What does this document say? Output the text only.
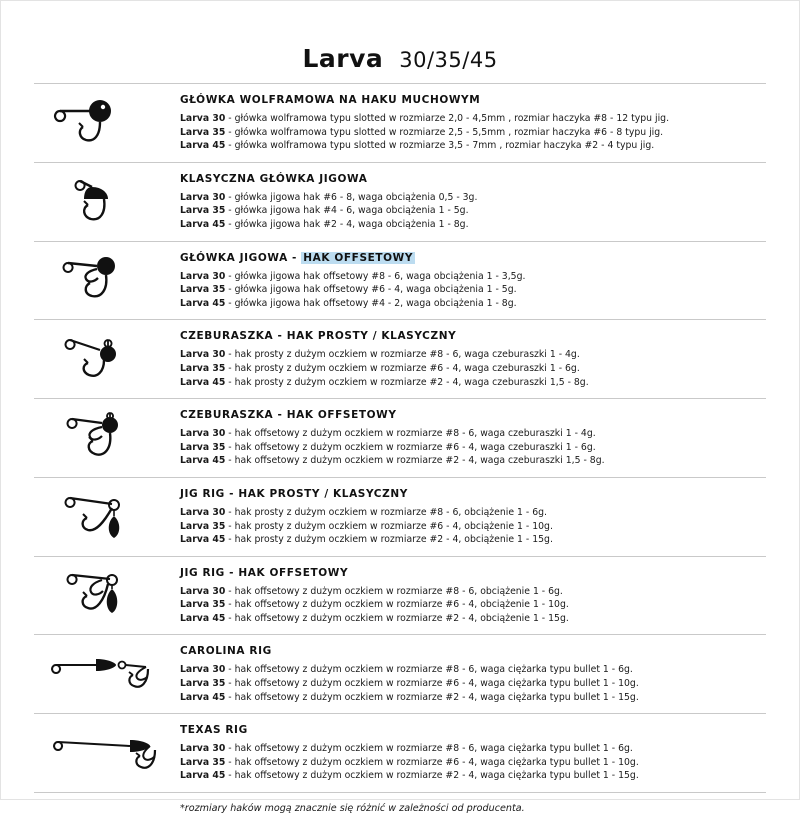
Larva 30/35/45
GŁÓWKA WOLFRAMOWA NA HAKU MUCHOWYM
Larva 30 - główka wolframowa typu slotted w rozmiarze 2,0 - 4,5mm , rozmiar haczyka #8 - 12 typu jig.
Larva 35 - główka wolframowa typu slotted w rozmiarze 2,5 - 5,5mm , rozmiar haczyka #6 - 8 typu jig.
Larva 45 - główka wolframowa typu slotted w rozmiarze 3,5 - 7mm , rozmiar haczyka #2 - 4 typu jig.
KLASYCZNA GŁÓWKA JIGOWA
Larva 30 - główka jigowa hak #6 - 8, waga obciążenia 0,5 - 3g.
Larva 35 - główka jigowa hak #4 - 6, waga obciążenia 1 - 5g.
Larva 45 - główka jigowa hak #2 - 4, waga obciążenia 1 - 8g.
GŁÓWKA JIGOWA - HAK OFFSETOWY
Larva 30 - główka jigowa hak offsetowy #8 - 6, waga obciążenia 1 - 3,5g.
Larva 35 - główka jigowa hak offsetowy #6 - 4, waga obciążenia 1 - 5g.
Larva 45 - główka jigowa hak offsetowy #4 - 2, waga obciążenia 1 - 8g.
CZEBURASZKA - HAK PROSTY / KLASYCZNY
Larva 30 - hak prosty z dużym oczkiem w rozmiarze #8 - 6, waga czeburaszki 1 - 4g.
Larva 35 - hak prosty z dużym oczkiem w rozmiarze #6 - 4, waga czeburaszki 1 - 6g.
Larva 45 - hak prosty z dużym oczkiem w rozmiarze #2 - 4, waga czeburaszki 1,5 - 8g.
CZEBURASZKA - HAK OFFSETOWY
Larva 30 - hak offsetowy z dużym oczkiem w rozmiarze #8 - 6, waga czeburaszki 1 - 4g.
Larva 35 - hak offsetowy z dużym oczkiem w rozmiarze #6 - 4, waga czeburaszki 1 - 6g.
Larva 45 - hak offsetowy z dużym oczkiem w rozmiarze #2 - 4, waga czeburaszki 1,5 - 8g.
JIG RIG - HAK PROSTY / KLASYCZNY
Larva 30 - hak prosty z dużym oczkiem w rozmiarze #8 - 6, obciążenie 1 - 6g.
Larva 35 - hak prosty z dużym oczkiem w rozmiarze #6 - 4, obciążenie 1 - 10g.
Larva 45 - hak prosty z dużym oczkiem w rozmiarze #2 - 4, obciążenie 1 - 15g.
JIG RIG - HAK OFFSETOWY
Larva 30 - hak offsetowy z dużym oczkiem w rozmiarze #8 - 6, obciążenie 1 - 6g.
Larva 35 - hak offsetowy z dużym oczkiem w rozmiarze #6 - 4, obciążenie 1 - 10g.
Larva 45 - hak offsetowy z dużym oczkiem w rozmiarze #2 - 4, obciążenie 1 - 15g.
CAROLINA RIG
Larva 30 - hak offsetowy z dużym oczkiem w rozmiarze #8 - 6, waga ciężarka typu bullet 1 - 6g.
Larva 35 - hak offsetowy z dużym oczkiem w rozmiarze #6 - 4, waga ciężarka typu bullet 1 - 10g.
Larva 45 - hak offsetowy z dużym oczkiem w rozmiarze #2 - 4, waga ciężarka typu bullet 1 - 15g.
TEXAS RIG
Larva 30 - hak offsetowy z dużym oczkiem w rozmiarze #8 - 6, waga ciężarka typu bullet 1 - 6g.
Larva 35 - hak offsetowy z dużym oczkiem w rozmiarze #6 - 4, waga ciężarka typu bullet 1 - 10g.
Larva 45 - hak offsetowy z dużym oczkiem w rozmiarze #2 - 4, waga ciężarka typu bullet 1 - 15g.
*rozmiary haków mogą znacznie się różnić w zależności od producenta.
